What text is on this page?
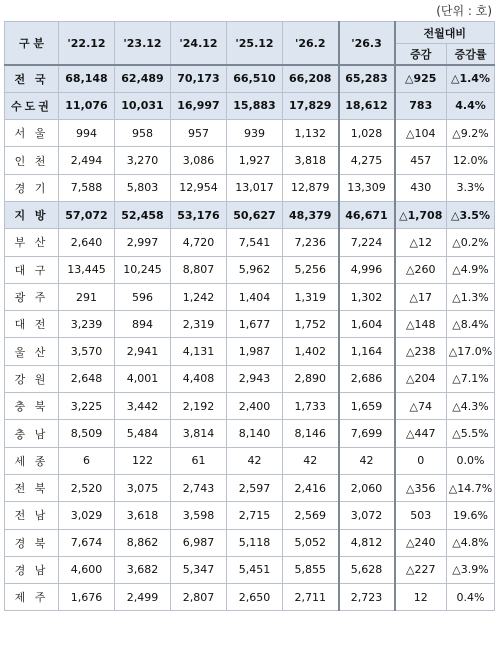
(단위 : 호)
구 분	'22.12	'23.12	'24.12	'25.12	'26.2	'26.3	전월대비	
							증감	증감률
전 국	68,148	62,489	70,173	66,510	66,208	65,283	△925	△1.4%
수도권	11,076	10,031	16,997	15,883	17,829	18,612	783	4.4%
서 울	994	958	957	939	1,132	1,028	△104	△9.2%
인 천	2,494	3,270	3,086	1,927	3,818	4,275	457	12.0%
경 기	7,588	5,803	12,954	13,017	12,879	13,309	430	3.3%
지 방	57,072	52,458	53,176	50,627	48,379	46,671	△1,708	△3.5%
부 산	2,640	2,997	4,720	7,541	7,236	7,224	△12	△0.2%
대 구	13,445	10,245	8,807	5,962	5,256	4,996	△260	△4.9%
광 주	291	596	1,242	1,404	1,319	1,302	△17	△1.3%
대 전	3,239	894	2,319	1,677	1,752	1,604	△148	△8.4%
울 산	3,570	2,941	4,131	1,987	1,402	1,164	△238	△17.0%
강 원	2,648	4,001	4,408	2,943	2,890	2,686	△204	△7.1%
충 북	3,225	3,442	2,192	2,400	1,733	1,659	△74	△4.3%
충 남	8,509	5,484	3,814	8,140	8,146	7,699	△447	△5.5%
세 종	6	122	61	42	42	42	0	0.0%
전 북	2,520	3,075	2,743	2,597	2,416	2,060	△356	△14.7%
전 남	3,029	3,618	3,598	2,715	2,569	3,072	503	19.6%
경 북	7,674	8,862	6,987	5,118	5,052	4,812	△240	△4.8%
경 남	4,600	3,682	5,347	5,451	5,855	5,628	△227	△3.9%
제 주	1,676	2,499	2,807	2,650	2,711	2,723	12	0.4%
